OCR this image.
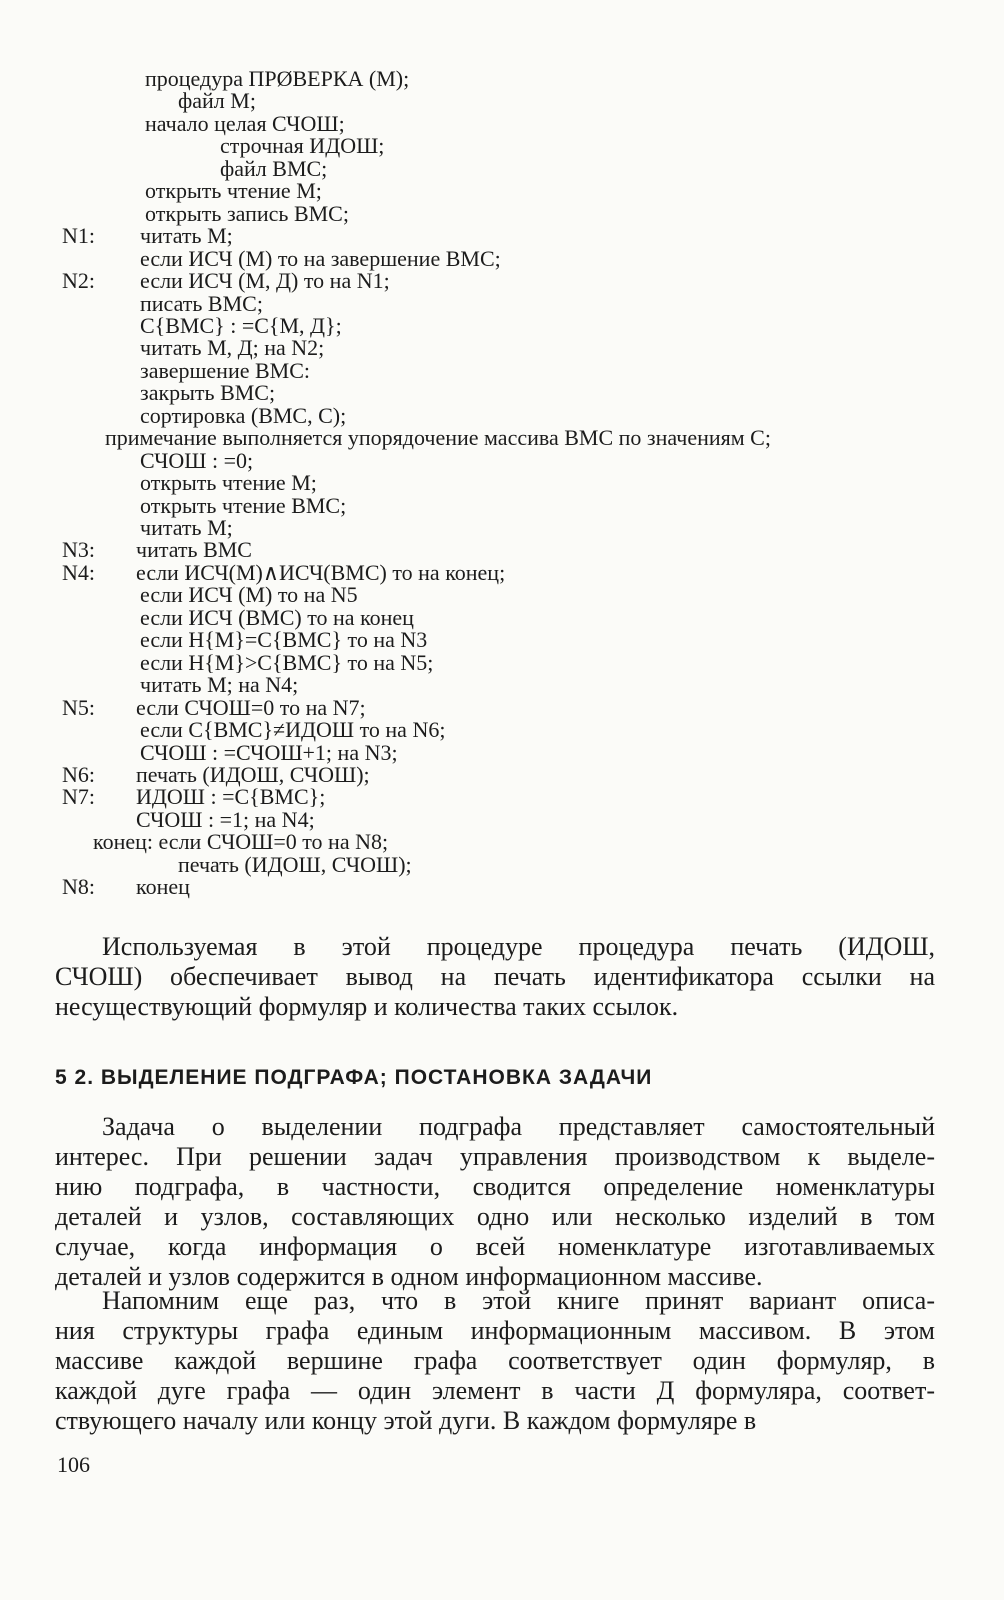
процедура ПРØВЕРКА (М);
файл М;
начало целая СЧОШ;
строчная ИДОШ;
файл ВМС;
открыть чтение М;
открыть запись ВМС;
N1: читать М;
если ИСЧ (М) то на завершение ВМС;
N2: если ИСЧ (М, Д) то на N1;
писать ВМС;
С{ВМС} : =С{М, Д};
читать М, Д; на N2;
завершение ВМС:
закрыть ВМС;
сортировка (ВМС, С);
примечание выполняется упорядочение массива ВМС по значениям С;
СЧОШ : =0;
открыть чтение М;
открыть чтение ВМС;
читать М;
N3: читать ВМС
N4: если ИСЧ(М)∧ИСЧ(ВМС) то на конец;
если ИСЧ (М) то на N5
если ИСЧ (ВМС) то на конец
если Н{М}=С{ВМС} то на N3
если Н{М}>С{ВМС} то на N5;
читать М; на N4;
N5: если СЧОШ=0 то на N7;
если С{ВМС}≠ИДОШ то на N6;
СЧОШ : =СЧОШ+1; на N3;
N6: печать (ИДОШ, СЧОШ);
N7: ИДОШ : =С{ВМС};
СЧОШ : =1; на N4;
конец: если СЧОШ=0 то на N8;
печать (ИДОШ, СЧОШ);
N8: конец
Используемая в этой процедуре процедура печать (ИДОШ,
СЧОШ) обеспечивает вывод на печать идентификатора ссылки на
несуществующий формуляр и количества таких ссылок.
5 2. ВЫДЕЛЕНИЕ ПОДГРАФА; ПОСТАНОВКА ЗАДАЧИ
Задача о выделении подграфа представляет самостоятельный
интерес. При решении задач управления производством к выделе-
нию подграфа, в частности, сводится определение номенклатуры
деталей и узлов, составляющих одно или несколько изделий в том
случае, когда информация о всей номенклатуре изготавливаемых
деталей и узлов содержится в одном информационном массиве.
Напомним еще раз, что в этой книге принят вариант описа-
ния структуры графа единым информационным массивом. В этом
массиве каждой вершине графа соответствует один формуляр, в
каждой дуге графа — один элемент в части Д формуляра, соответ-
ствующего началу или концу этой дуги. В каждом формуляре в
106
